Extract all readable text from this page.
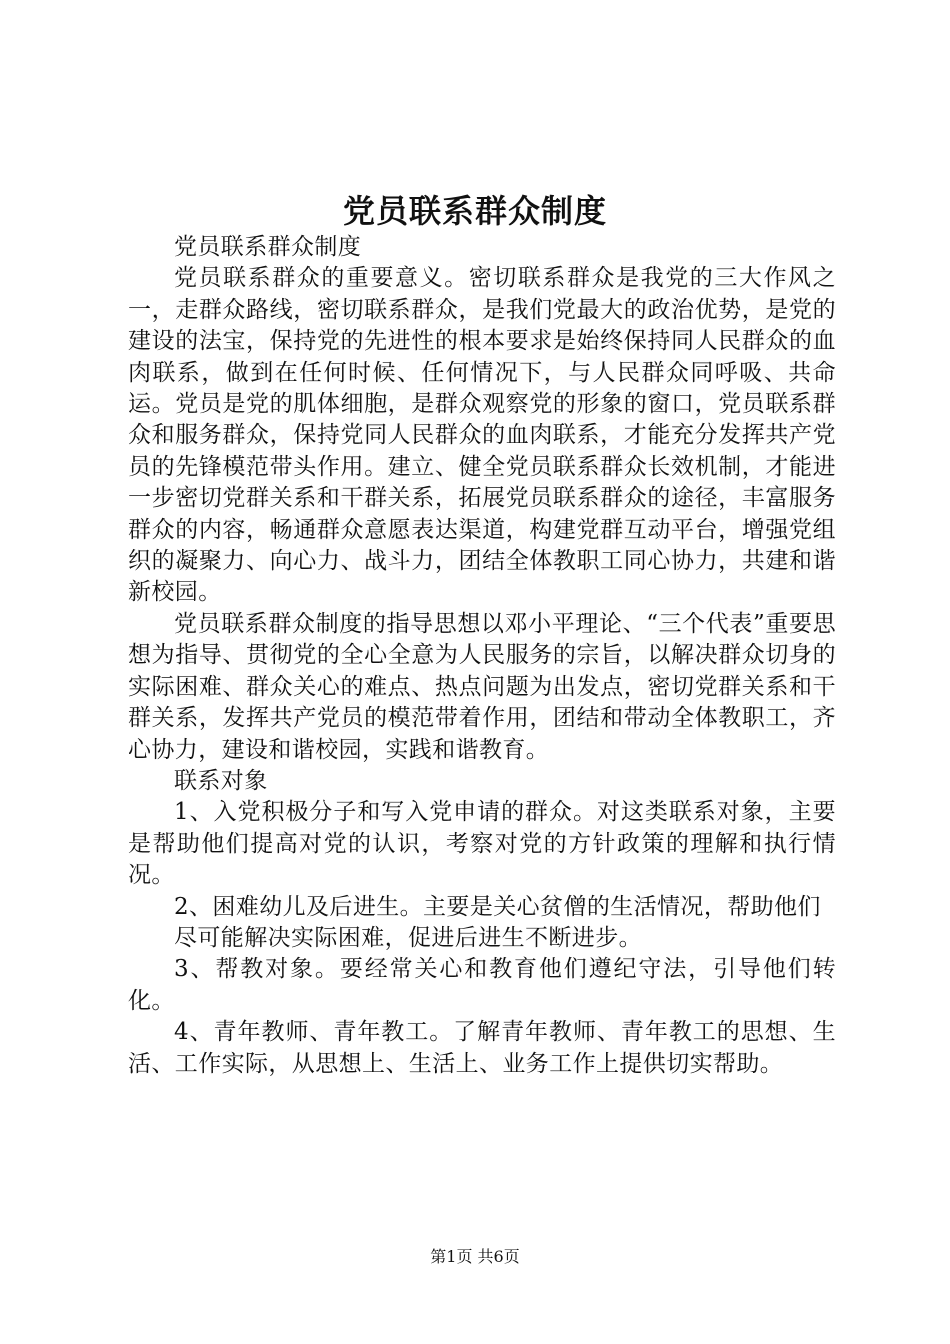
党员联系群众制度

党员联系群众制度

党员联系群众的重要意义。密切联系群众是我党的三大作风之一，走群众路线，密切联系群众，是我们党最大的政治优势，是党的建设的法宝，保持党的先进性的根本要求是始终保持同人民群众的血肉联系，做到在任何时候、任何情况下，与人民群众同呼吸、共命运。党员是党的肌体细胞，是群众观察党的形象的窗口，党员联系群众和服务群众，保持党同人民群众的血肉联系，才能充分发挥共产党员的先锋模范带头作用。建立、健全党员联系群众长效机制，才能进一步密切党群关系和干群关系，拓展党员联系群众的途径，丰富服务群众的内容，畅通群众意愿表达渠道，构建党群互动平台，增强党组织的凝聚力、向心力、战斗力，团结全体教职工同心协力，共建和谐新校园。

党员联系群众制度的指导思想以邓小平理论、“三个代表”重要思想为指导、贯彻党的全心全意为人民服务的宗旨，以解决群众切身的实际困难、群众关心的难点、热点问题为出发点，密切党群关系和干群关系，发挥共产党员的模范带着作用，团结和带动全体教职工，齐心协力，建设和谐校园，实践和谐教育。

联系对象

1、入党积极分子和写入党申请的群众。对这类联系对象，主要是帮助他们提高对党的认识，考察对党的方针政策的理解和执行情况。

2、困难幼儿及后进生。主要是关心贫僧的生活情况，帮助他们

尽可能解决实际困难，促进后进生不断进步。

3、帮教对象。要经常关心和教育他们遵纪守法，引导他们转化。

4、青年教师、青年教工。了解青年教师、青年教工的思想、生活、工作实际，从思想上、生活上、业务工作上提供切实帮助。

第1页 共6页
